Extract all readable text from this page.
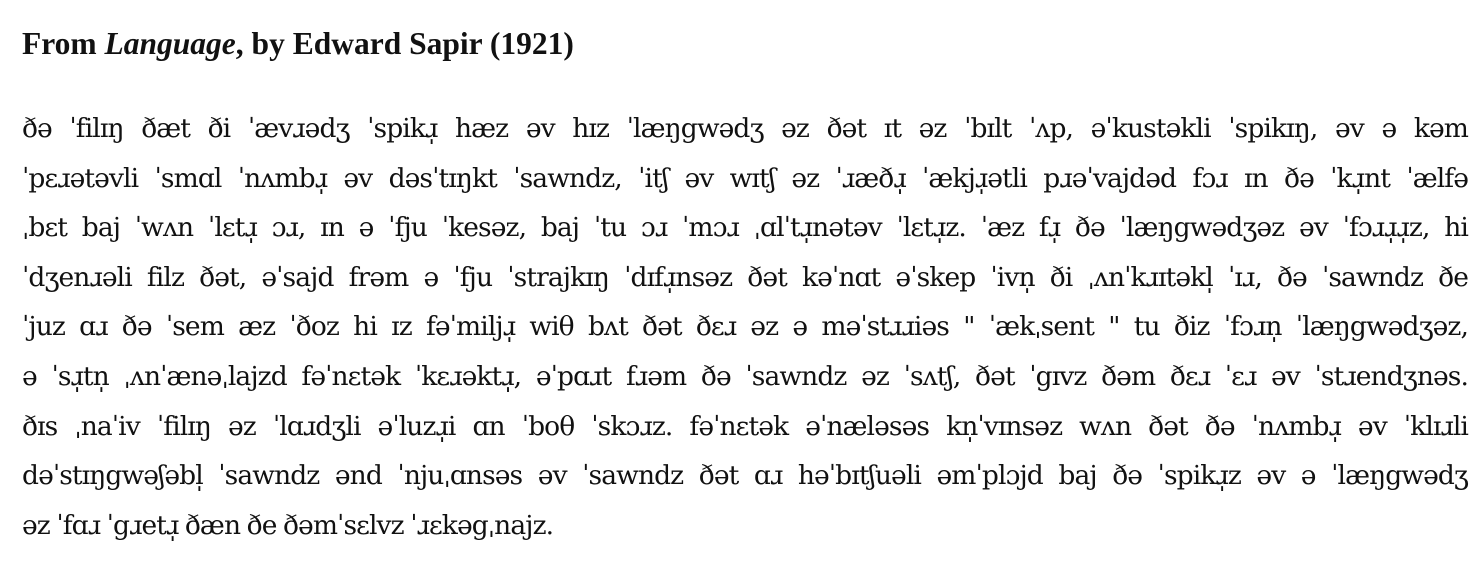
From Language, by Edward Sapir (1921)
ðə ˈfilɪŋ ðæt ði ˈævɹədʒ ˈspikɹ̩ hæz əv hɪz ˈlæŋgwədʒ əz ðət ɪt əz ˈbɪlt ˈʌp, əˈkustəkli ˈspikɪŋ, əv ə kəm
ˈpɛɹətəvli ˈsmɑl ˈnʌmbɹ̩ əv dəsˈtɪŋkt ˈsawndz, ˈitʃ əv wɪtʃ əz ˈɹæðɹ̩ ˈækjɹ̩ətli pɹəˈvajdəd fɔɹ ɪn ðə ˈkɹ̩nt ˈælfə
ˌbɛt baj ˈwʌn ˈlɛtɹ̩ ɔɹ, ɪn ə ˈfju ˈkesəz, baj ˈtu ɔɹ ˈmɔɹ ˌɑlˈtɹ̩nətəv ˈlɛtɹ̩z. ˈæz fɹ̩ ðə ˈlæŋgwədʒəz əv ˈfɔɹɹ̩ɹ̩z, hi
ˈdʒenɹəli filz ðət, əˈsajd frəm ə ˈfju ˈstrajkɪŋ ˈdɪfɹ̩nsəz ðət kəˈnɑt əˈskep ˈivn̩ ði ˌʌnˈkɹɪtəkl̩ ˈɪɹ, ðə ˈsawndz ðe
ˈjuz ɑɹ ðə ˈsem æz ˈðoz hi ɪz fəˈmiljɹ̩ wiθ bʌt ðət ðɛɹ əz ə məˈstɹɹiəs " ˈækˌsent " tu ðiz ˈfɔɹn̩ ˈlæŋgwədʒəz,
ə ˈsɹ̩tn̩ ˌʌnˈænəˌlajzd fəˈnɛtək ˈkɛɹəktɹ̩, əˈpɑɹt fɹəm ðə ˈsawndz əz ˈsʌtʃ, ðət ˈgɪvz ðəm ðɛɹ ˈɛɹ əv ˈstɹendʒnəs.
ðɪs ˌnaˈiv ˈfilɪŋ əz ˈlɑɹdʒli əˈluzɹ̩i ɑn ˈboθ ˈskɔɹz. fəˈnɛtək əˈnæləsəs kn̩ˈvɪnsəz wʌn ðət ðə ˈnʌmbɹ̩ əv ˈklɪɹli
dəˈstɪŋgwəʃəbl̩ ˈsawndz ənd ˈnjuˌɑnsəs əv ˈsawndz ðət ɑɹ həˈbɪtʃuəli əmˈplɔjd baj ðə ˈspikɹ̩z əv ə ˈlæŋgwədʒ
əz ˈfɑɹ ˈgɹetɹ̩ ðæn ðe ðəmˈsɛlvz ˈɹɛkəgˌnajz.
